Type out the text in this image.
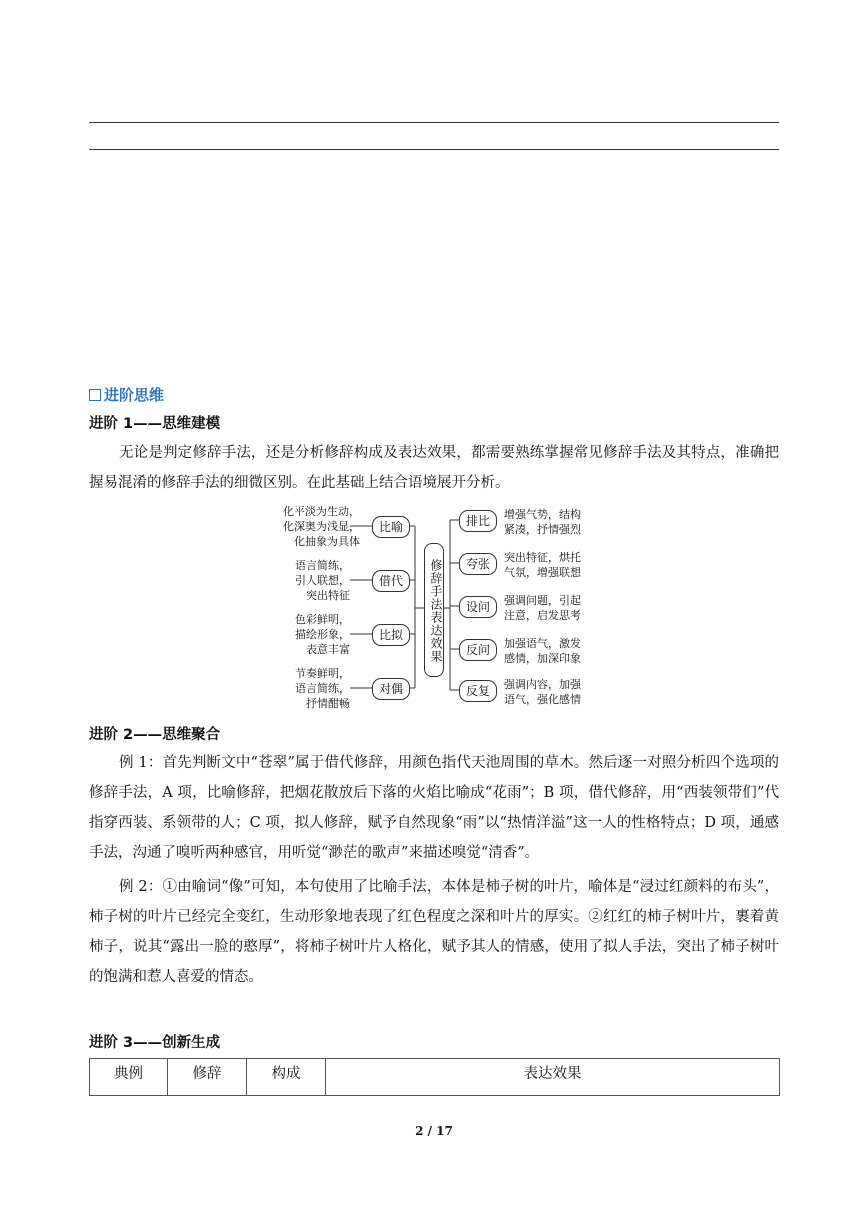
进阶思维
进阶 1——思维建模

无论是判定修辞手法，还是分析修辞构成及表达效果，都需要熟练掌握常见修辞手法及其特点，准确把握易混淆的修辞手法的细微区别。在此基础上结合语境展开分析。

化平淡为生动，
化深奥为浅显，
化抽象为具体
语言简练，
引人联想，
突出特征
色彩鲜明，
描绘形象，
表意丰富
节奏鲜明，
语言简练，
抒情酣畅
比喻
借代
比拟
对偶
修辞手法表达效果
排比
夸张
设问
反问
反复
增强气势，结构
紧凑，抒情强烈
突出特征，烘托
气氛，增强联想
强调问题，引起
注意，启发思考
加强语气，激发
感情，加深印象
强调内容，加强
语气，强化感情
进阶 2——思维聚合

例 1：首先判断文中“苍翠”属于借代修辞，用颜色指代天池周围的草木。然后逐一对照分析四个选项的修辞手法，A 项，比喻修辞，把烟花散放后下落的火焰比喻成“花雨”；B 项，借代修辞，用“西装领带们”代指穿西装、系领带的人；C 项，拟人修辞，赋予自然现象“雨”以“热情洋溢”这一人的性格特点；D 项，通感手法，沟通了嗅听两种感官，用听觉“渺茫的歌声”来描述嗅觉“清香”。

例 2：①由喻词“像”可知，本句使用了比喻手法，本体是柿子树的叶片，喻体是“浸过红颜料的布头”，柿子树的叶片已经完全变红，生动形象地表现了红色程度之深和叶片的厚实。②红红的柿子树叶片，裹着黄柿子，说其“露出一脸的憨厚”，将柿子树叶片人格化，赋予其人的情感，使用了拟人手法，突出了柿子树叶的饱满和惹人喜爱的情态。

进阶 3——创新生成
典例	修辞	构成	表达效果
2 / 17
